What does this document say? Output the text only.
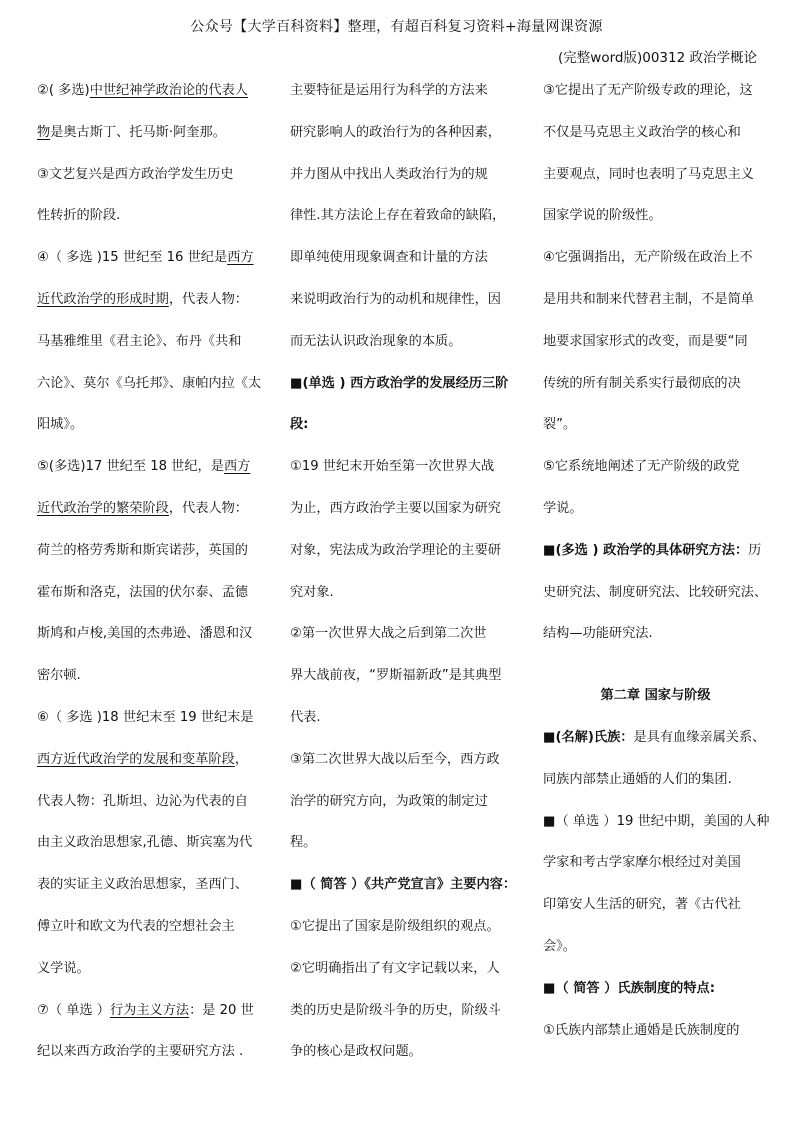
公众号【大学百科资料】整理，有超百科复习资料+海量网课资源
(完整word版)00312 政治学概论
②( 多选)中世纪神学政治论的代表人
物是奥古斯丁、托马斯·阿奎那。
③文艺复兴是西方政治学发生历史
性转折的阶段.
④（ 多选 )15 世纪至 16 世纪是西方
近代政治学的形成时期，代表人物：
马基雅维里《君主论》、布丹《共和
六论》、莫尔《乌托邦》、康帕内拉《太
阳城》。
⑤(多选)17 世纪至 18 世纪，是西方
近代政治学的繁荣阶段，代表人物：
荷兰的格劳秀斯和斯宾诺莎，英国的
霍布斯和洛克，法国的伏尔泰、孟德
斯鸠和卢梭,美国的杰弗逊、潘恩和汉
密尔顿.
⑥（ 多选 )18 世纪末至 19 世纪末是
西方近代政治学的发展和变革阶段，
代表人物：孔斯坦、边沁为代表的自
由主义政治思想家,孔德、斯宾塞为代
表的实证主义政治思想家，圣西门、
傅立叶和欧文为代表的空想社会主
义学说。
⑦（ 单选 ）行为主义方法：是 20 世
纪以来西方政治学的主要研究方法 .
主要特征是运用行为科学的方法来
研究影响人的政治行为的各种因素，
并力图从中找出人类政治行为的规
律性.其方法论上存在着致命的缺陷，
即单纯使用现象调查和计量的方法
来说明政治行为的动机和规律性，因
而无法认识政治现象的本质。
■(单选 ) 西方政治学的发展经历三阶
段:
①19 世纪末开始至第一次世界大战
为止，西方政治学主要以国家为研究
对象，宪法成为政治学理论的主要研
究对象.
②第一次世界大战之后到第二次世
界大战前夜，“罗斯福新政”是其典型
代表.
③第二次世界大战以后至今，西方政
治学的研究方向，为政策的制定过
程。
■（ 简答 ）《共产党宣言》主要内容：
①它提出了国家是阶级组织的观点。
②它明确指出了有文字记载以来，人
类的历史是阶级斗争的历史，阶级斗
争的核心是政权问题。
③它提出了无产阶级专政的理论，这
不仅是马克思主义政治学的核心和
主要观点，同时也表明了马克思主义
国家学说的阶级性。
④它强调指出，无产阶级在政治上不
是用共和制来代替君主制，不是简单
地要求国家形式的改变，而是要“同
传统的所有制关系实行最彻底的决
裂”。
⑤它系统地阐述了无产阶级的政党
学说。
■(多选 ) 政治学的具体研究方法：历
史研究法、制度研究法、比较研究法、
结构—功能研究法.
第二章 国家与阶级
■(名解)氏族：是具有血缘亲属关系、
同族内部禁止通婚的人们的集团.
■（ 单选 ）19 世纪中期，美国的人种
学家和考古学家摩尔根经过对美国
印第安人生活的研究，著《古代社
会》。
■（ 简答 ）氏族制度的特点:
①氏族内部禁止通婚是氏族制度的
